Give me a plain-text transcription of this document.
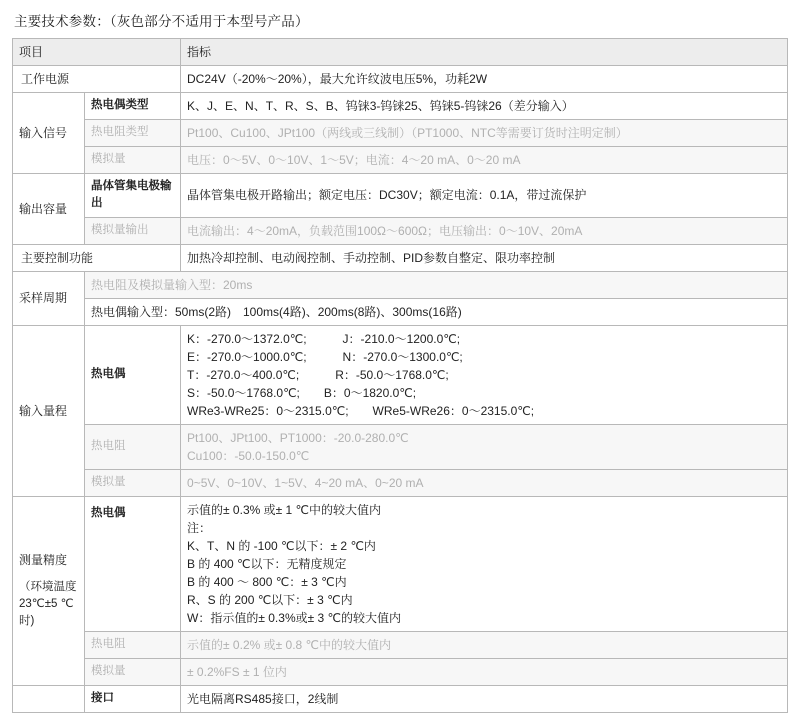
主要技术参数：（灰色部分不适用于本型号产品）
项目		指标
工作电源		DC24V（‐20%～20%），最大允许纹波电压5%，功耗2W
输入信号	热电偶类型	K、J、E、N、T、R、S、B、钨铼3-钨铼25、钨铼5-钨铼26（差分输入）
	热电阻类型	Pt100、Cu100、JPt100（两线或三线制）（PT1000、NTC等需要订货时注明定制）
	模拟量	电压：0～5V、0～10V、1～5V；电流：4～20 mA、0～20 mA
输出容量	晶体管集电极输出	晶体管集电极开路输出；额定电压：DC30V；额定电流：0.1A，带过流保护
	模拟量输出	电流输出：4～20mA，负载范围100Ω～600Ω；电压输出：0～10V、20mA
主要控制功能		加热冷却控制、电动阀控制、手动控制、PID参数自整定、限功率控制
采样周期	热电阻及模拟量输入型：20ms	
	热电偶输入型：50ms(2路)　100ms(4路)、200ms(8路)、300ms(16路)	
输入量程	热电偶	K：-270.0～1372.0℃;　　　J：-210.0～1200.0℃;
E：-270.0～1000.0℃;　　　N：-270.0～1300.0℃;
T：-270.0～400.0℃;　　　R：-50.0～1768.0℃;
S：-50.0～1768.0℃;　　B：0～1820.0℃;
WRe3-WRe25：0～2315.0℃;　　WRe5-WRe26：0～2315.0℃;

	热电阻	Pt100、JPt100、PT1000：-20.0-280.0℃
Cu100：-50.0-150.0℃

	模拟量	0~5V、0~10V、1~5V、4~20 mA、0~20 mA

测量精度
（环境温度23℃±5 ℃时)
	热电偶	示值的± 0.3% 或± 1 ℃中的较大值内
注：
K、T、N 的 -100 ℃以下：± 2 ℃内
B 的 400 ℃以下：无精度规定
B 的 400 ～ 800 ℃：± 3 ℃内
R、S 的 200 ℃以下：± 3 ℃内
W：指示值的± 0.3%或± 3 ℃的较大值内

	热电阻	示值的± 0.2% 或± 0.8 ℃中的较大值内
	模拟量	± 0.2%FS ± 1 位内
	接口	光电隔离RS485接口，2线制
